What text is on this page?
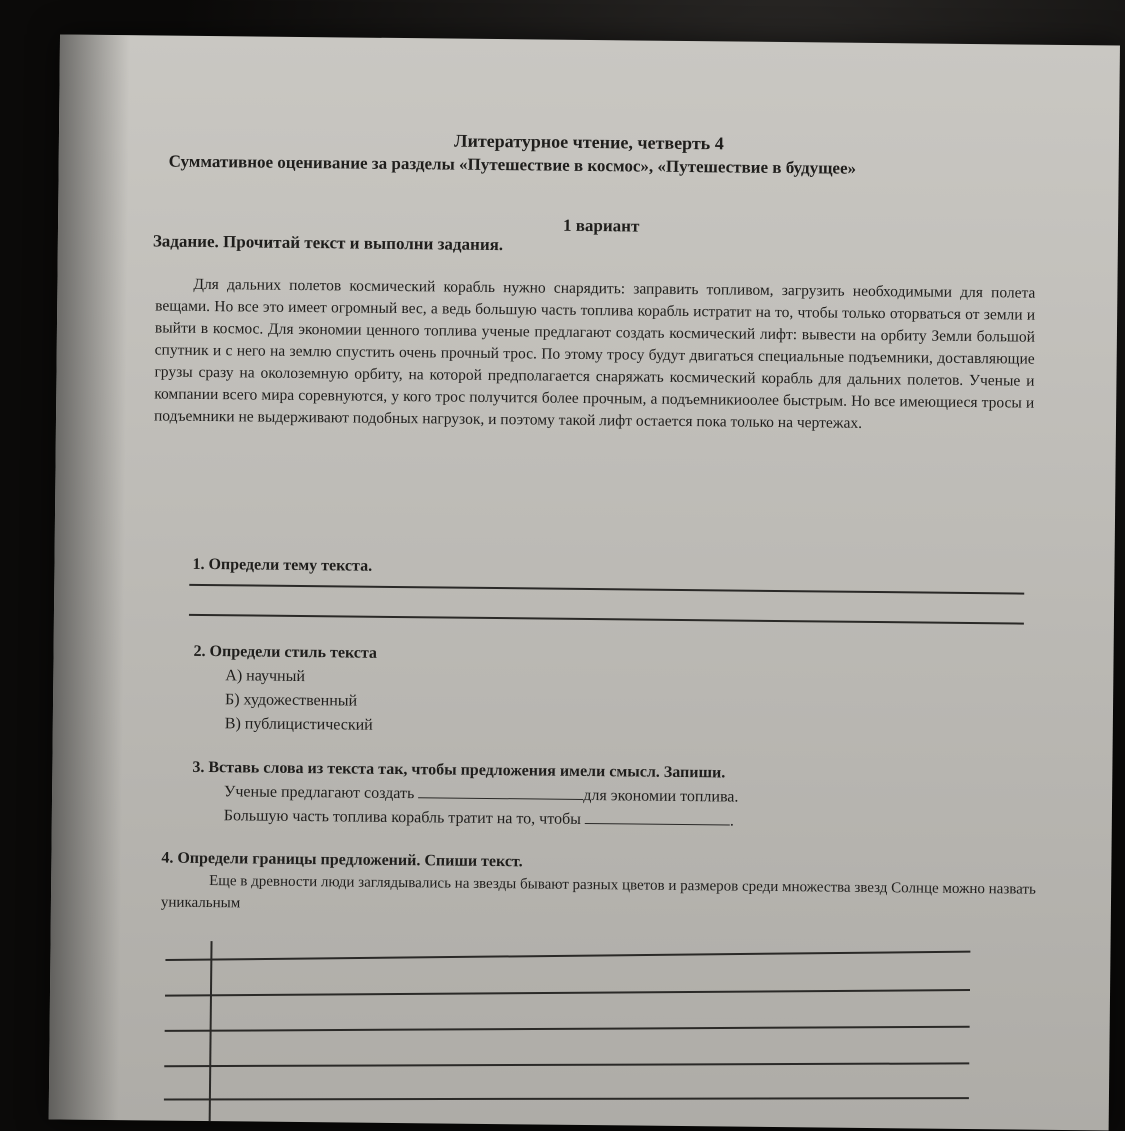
Литературное чтение, четверть 4
Суммативное оценивание за разделы «Путешествие в космос», «Путешествие в будущее»
1 вариант
Задание. Прочитай текст и выполни задания.
Для дальних полетов космический корабль нужно снарядить: заправить топливом, загрузить необходимыми для полета вещами. Но все это имеет огромный вес, а ведь большую часть топлива корабль истратит на то, чтобы только оторваться от земли и выйти в космос. Для экономии ценного топлива ученые предлагают создать космический лифт: вывести на орбиту Земли большой спутник и с него на землю спустить очень прочный трос. По этому тросу будут двигаться специальные подъемники, доставляющие грузы сразу на околоземную орбиту, на которой предполагается снаряжать космический корабль для дальних полетов. Ученые и компании всего мира соревнуются, у кого трос получится более прочным, а подъемникиоолее быстрым. Но все имеющиеся тросы и подъемники не выдерживают подобных нагрузок, и поэтому такой лифт остается пока только на чертежах.
1. Определи тему текста.
2. Определи стиль текста
А) научный
Б) художественный
В) публицистический
3. Вставь слова из текста так, чтобы предложения имели смысл. Запиши.
Ученые предлагают создать	для экономии топлива.
Большую часть топлива корабль тратит на то, чтобы	.
4. Определи границы предложений. Спиши текст.
Еще в древности люди заглядывались на звезды бывают разных цветов и размеров среди множества звезд Солнце можно назвать уникальным
